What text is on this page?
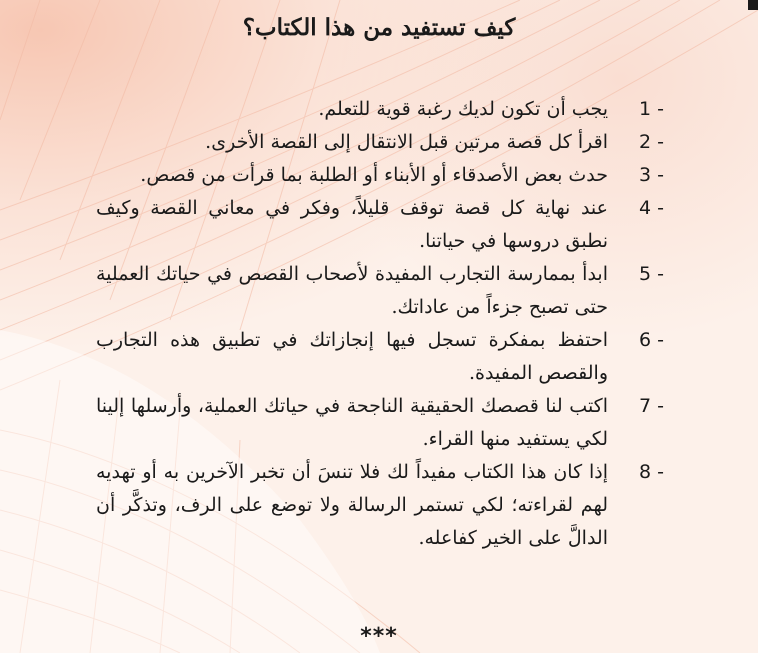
كيف تستفيد من هذا الكتاب؟
1 -
يجب أن تكون لديك رغبة قوية للتعلم.
2 -
اقرأ كل قصة مرتين قبل الانتقال إلى القصة الأخرى.
3 -
حدث بعض الأصدقاء أو الأبناء أو الطلبة بما قرأت من قصص.
4 -
عند نهاية كل قصة توقف قليلاً، وفكر في معاني القصة وكيف نطبق دروسها في حياتنا.
5 -
ابدأ بممارسة التجارب المفيدة لأصحاب القصص في حياتك العملية حتى تصبح جزءاً من عاداتك.
6 -
احتفظ بمفكرة تسجل فيها إنجازاتك في تطبيق هذه التجارب والقصص المفيدة.
7 -
اكتب لنا قصصك الحقيقية الناجحة في حياتك العملية، وأرسلها إلينا لكي يستفيد منها القراء.
8 -
إذا كان هذا الكتاب مفيداً لك فلا تنسَ أن تخبر الآخرين به أو تهديه لهم لقراءته؛ لكي تستمر الرسالة ولا توضع على الرف، وتذكَّر أن الدالَّ على الخير كفاعله.
***
